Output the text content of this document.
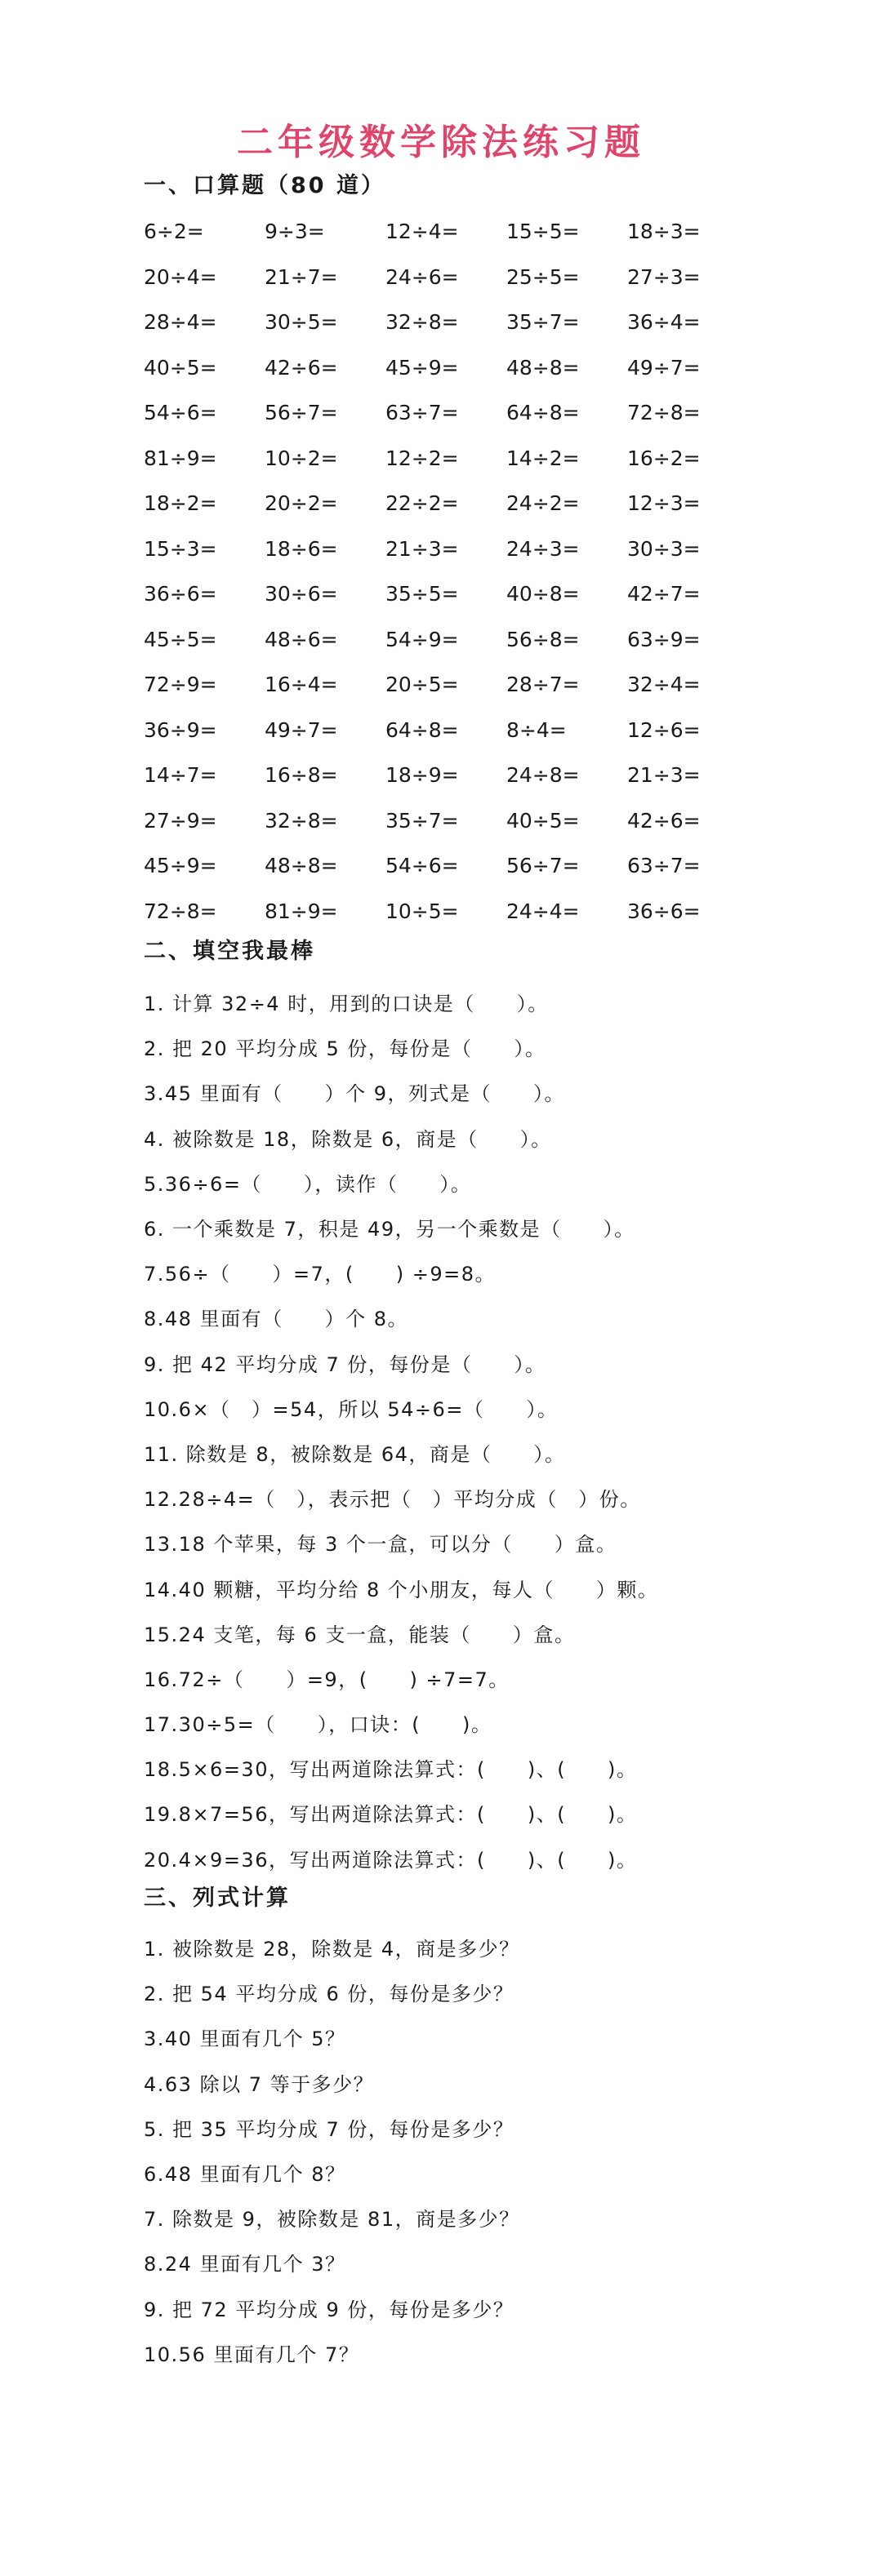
二年级数学除法练习题
一、口算题（80 道）
6÷2=	9÷3=	12÷4=	15÷5=	18÷3=
20÷4=	21÷7=	24÷6=	25÷5=	27÷3=
28÷4=	30÷5=	32÷8=	35÷7=	36÷4=
40÷5=	42÷6=	45÷9=	48÷8=	49÷7=
54÷6=	56÷7=	63÷7=	64÷8=	72÷8=
81÷9=	10÷2=	12÷2=	14÷2=	16÷2=
18÷2=	20÷2=	22÷2=	24÷2=	12÷3=
15÷3=	18÷6=	21÷3=	24÷3=	30÷3=
36÷6=	30÷6=	35÷5=	40÷8=	42÷7=
45÷5=	48÷6=	54÷9=	56÷8=	63÷9=
72÷9=	16÷4=	20÷5=	28÷7=	32÷4=
36÷9=	49÷7=	64÷8=	8÷4=	12÷6=
14÷7=	16÷8=	18÷9=	24÷8=	21÷3=
27÷9=	32÷8=	35÷7=	40÷5=	42÷6=
45÷9=	48÷8=	54÷6=	56÷7=	63÷7=
72÷8=	81÷9=	10÷5=	24÷4=	36÷6=
二、填空我最棒
1. 计算 32÷4 时，用到的口诀是（　　）。
2. 把 20 平均分成 5 份，每份是（　　）。
3.45 里面有（　　）个 9，列式是（　　）。
4. 被除数是 18，除数是 6，商是（　　）。
5.36÷6=（　　），读作（　　）。
6. 一个乘数是 7，积是 49，另一个乘数是（　　）。
7.56÷（　　）=7，(　　) ÷9=8。
8.48 里面有（　　）个 8。
9. 把 42 平均分成 7 份，每份是（　　）。
10.6×（　）=54，所以 54÷6=（　　）。
11. 除数是 8，被除数是 64，商是（　　）。
12.28÷4=（　），表示把（　）平均分成（　）份。
13.18 个苹果，每 3 个一盒，可以分（　　）盒。
14.40 颗糖，平均分给 8 个小朋友，每人（　　）颗。
15.24 支笔，每 6 支一盒，能装（　　）盒。
16.72÷（　　）=9，(　　) ÷7=7。
17.30÷5=（　　），口诀：(　　)。
18.5×6=30，写出两道除法算式：(　　)、(　　)。
19.8×7=56，写出两道除法算式：(　　)、(　　)。
20.4×9=36，写出两道除法算式：(　　)、(　　)。
三、列式计算
1. 被除数是 28，除数是 4，商是多少？
2. 把 54 平均分成 6 份，每份是多少？
3.40 里面有几个 5？
4.63 除以 7 等于多少？
5. 把 35 平均分成 7 份，每份是多少？
6.48 里面有几个 8？
7. 除数是 9，被除数是 81，商是多少？
8.24 里面有几个 3？
9. 把 72 平均分成 9 份，每份是多少？
10.56 里面有几个 7？
